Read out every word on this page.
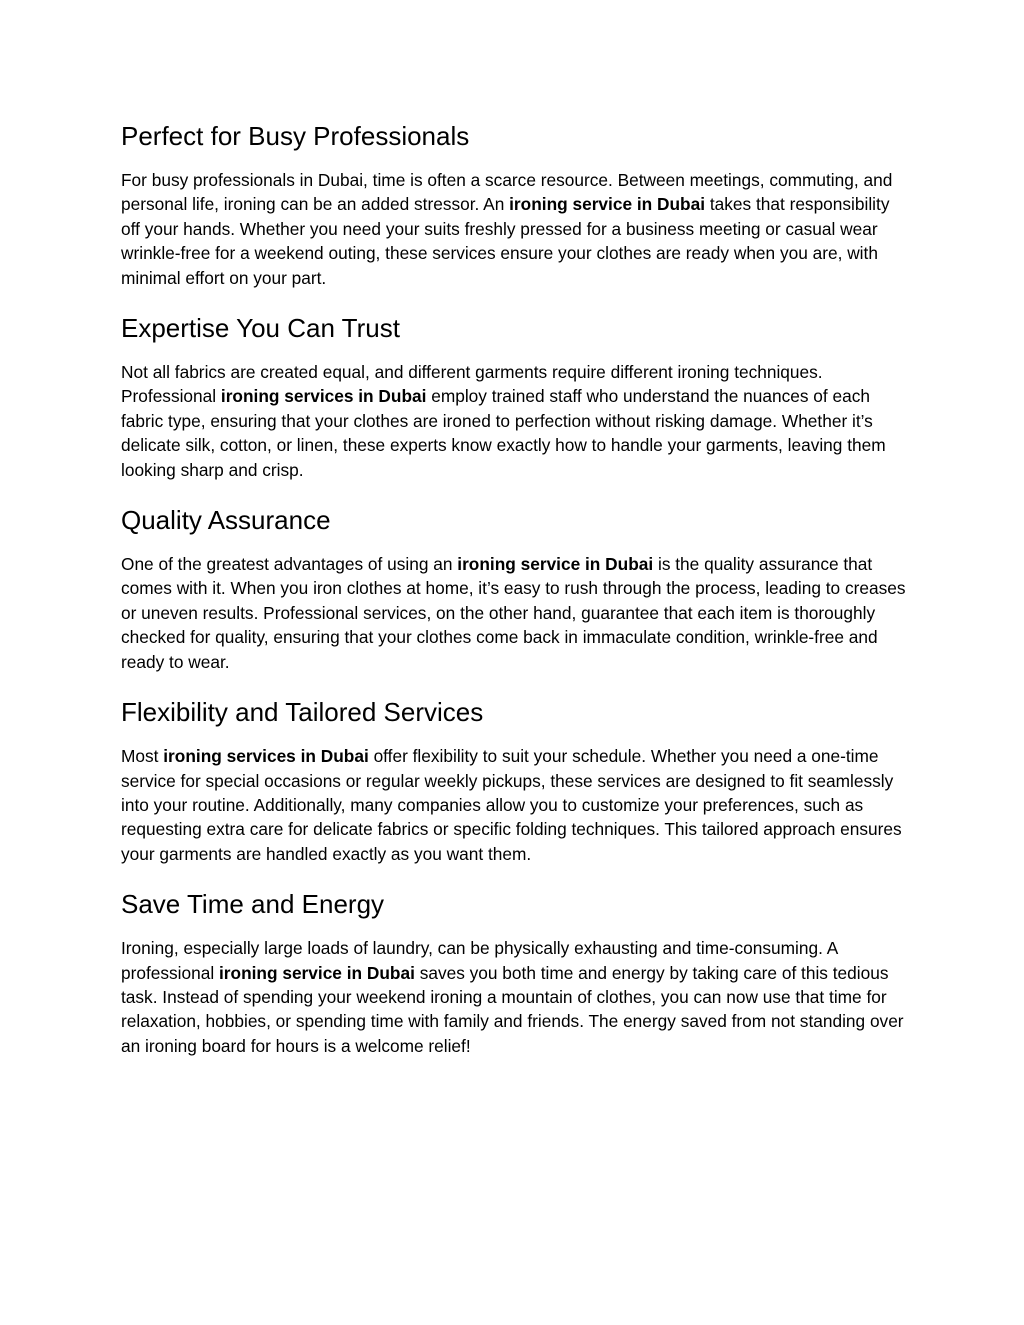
Perfect for Busy Professionals

For busy professionals in Dubai, time is often a scarce resource. Between meetings, commuting, and personal life, ironing can be an added stressor. An ironing service in Dubai takes that responsibility off your hands. Whether you need your suits freshly pressed for a business meeting or casual wear wrinkle-free for a weekend outing, these services ensure your clothes are ready when you are, with minimal effort on your part.

Expertise You Can Trust

Not all fabrics are created equal, and different garments require different ironing techniques. Professional ironing services in Dubai employ trained staff who understand the nuances of each fabric type, ensuring that your clothes are ironed to perfection without risking damage. Whether it’s delicate silk, cotton, or linen, these experts know exactly how to handle your garments, leaving them looking sharp and crisp.

Quality Assurance

One of the greatest advantages of using an ironing service in Dubai is the quality assurance that comes with it. When you iron clothes at home, it’s easy to rush through the process, leading to creases or uneven results. Professional services, on the other hand, guarantee that each item is thoroughly checked for quality, ensuring that your clothes come back in immaculate condition, wrinkle-free and ready to wear.

Flexibility and Tailored Services

Most ironing services in Dubai offer flexibility to suit your schedule. Whether you need a one-time service for special occasions or regular weekly pickups, these services are designed to fit seamlessly into your routine. Additionally, many companies allow you to customize your preferences, such as requesting extra care for delicate fabrics or specific folding techniques. This tailored approach ensures your garments are handled exactly as you want them.

Save Time and Energy

Ironing, especially large loads of laundry, can be physically exhausting and time-consuming. A professional ironing service in Dubai saves you both time and energy by taking care of this tedious task. Instead of spending your weekend ironing a mountain of clothes, you can now use that time for relaxation, hobbies, or spending time with family and friends. The energy saved from not standing over an ironing board for hours is a welcome relief!
